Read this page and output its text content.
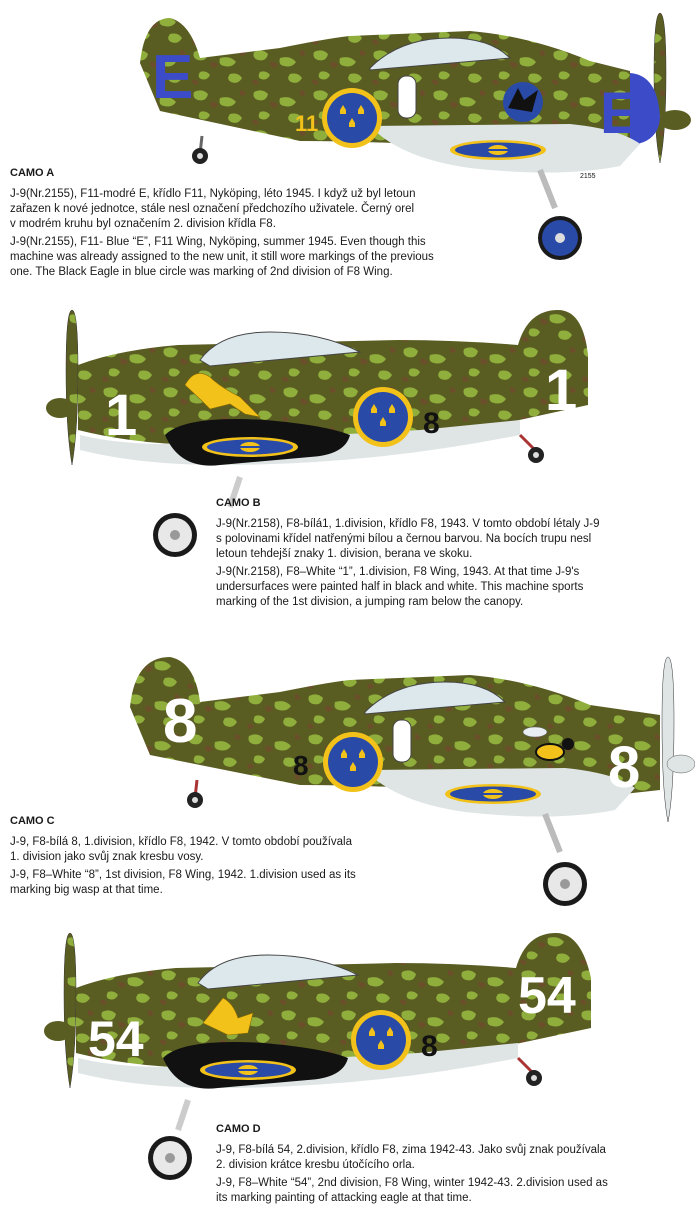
E
E
11
2155
CAMO A

J-9(Nr.2155), F11-modré E, křídlo F11, Nyköping, léto 1945. I když už byl letoun
zařazen k nové jednotce, stále nesl označení předchozího uživatele. Černý orel
v modrém kruhu byl označením 2. division křídla F8.

J-9(Nr.2155), F11- Blue “E”, F11 Wing, Nyköping, summer 1945. Even though this
machine was already assigned to the new unit, it still wore markings of the previous
one. The Black Eagle in blue circle was marking of 2nd division of F8 Wing.

1
1	8
CAMO B

J-9(Nr.2158), F8-bílá1, 1.division, křídlo F8, 1943. V tomto období létaly J-9
s polovinami křídel natřenými bílou a černou barvou. Na bocích trupu nesl
letoun tehdejší znaky 1. division, berana ve skoku.

J-9(Nr.2158), F8–White “1”, 1.division, F8 Wing, 1943. At that time J-9's
undersurfaces were painted half in black and white. This machine sports
marking of the 1st division, a jumping ram below the canopy.

8
8
8
CAMO C

J-9, F8-bílá 8, 1.division, křídlo F8, 1942. V tomto období používala
1. division jako svůj znak kresbu vosy.

J-9, F8–White “8”, 1st division, F8 Wing, 1942. 1.division used as its
marking big wasp at that time.

54
54	8
CAMO D

J-9, F8-bílá 54, 2.division, křídlo F8, zima 1942-43. Jako svůj znak používala
2. division krátce kresbu útočícího orla.

J-9, F8–White “54”, 2nd division, F8 Wing, winter 1942-43. 2.division used as
its marking painting of attacking eagle at that time.
